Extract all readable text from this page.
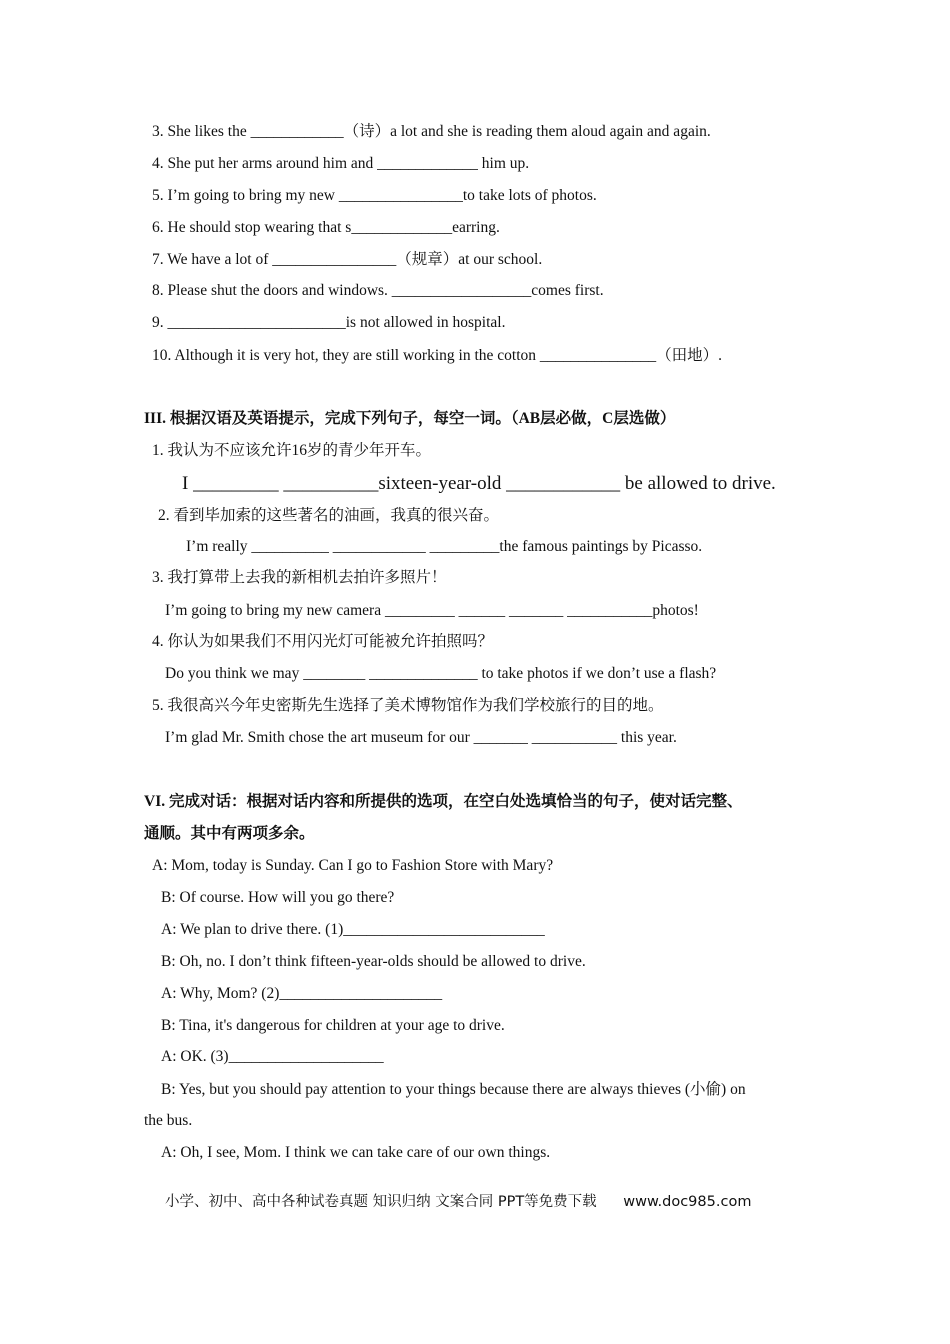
3. She likes the ____________（诗）a lot and she is reading them aloud again and again.
4. She put her arms around him and _____________ him up.
5. I’m going to bring my new ________________to take lots of photos.
6. He should stop wearing that s_____________earring.
7. We have a lot of ________________（规章）at our school.
8. Please shut the doors and windows. __________________comes first.
9. _______________________is not allowed in hospital.
10. Although it is very hot, they are still working in the cotton _______________（田地）.
III. 根据汉语及英语提示，完成下列句子，每空一词。（AB层必做，C层选做）
1. 我认为不应该允许16岁的青少年开车。
I _________ __________sixteen-year-old ____________ be allowed to drive.
2. 看到毕加索的这些著名的油画，我真的很兴奋。
I’m really __________ ____________ _________the famous paintings by Picasso.
3. 我打算带上去我的新相机去拍许多照片！
I’m going to bring my new camera _________ ______ _______ ___________photos!
4. 你认为如果我们不用闪光灯可能被允许拍照吗？
Do you think we may ________ ______________ to take photos if we don’t use a flash?
5. 我很高兴今年史密斯先生选择了美术博物馆作为我们学校旅行的目的地。
I’m glad Mr. Smith chose the art museum for our _______ ___________ this year.
VI. 完成对话：根据对话内容和所提供的选项，在空白处选填恰当的句子，使对话完整、
通顺。其中有两项多余。
A: Mom, today is Sunday. Can I go to Fashion Store with Mary?
B: Of course. How will you go there?
A: We plan to drive there. (1)__________________________
B: Oh, no. I don’t think fifteen-year-olds should be allowed to drive.
A: Why, Mom? (2)_____________________
B: Tina, it's dangerous for children at your age to drive.
A: OK. (3)____________________
B: Yes, but you should pay attention to your things because there are always thieves (小偷) on
the bus.
A: Oh, I see, Mom. I think we can take care of our own things.
小学、初中、高中各种试卷真题 知识归纳 文案合同 PPT等免费下载 www.doc985.com
